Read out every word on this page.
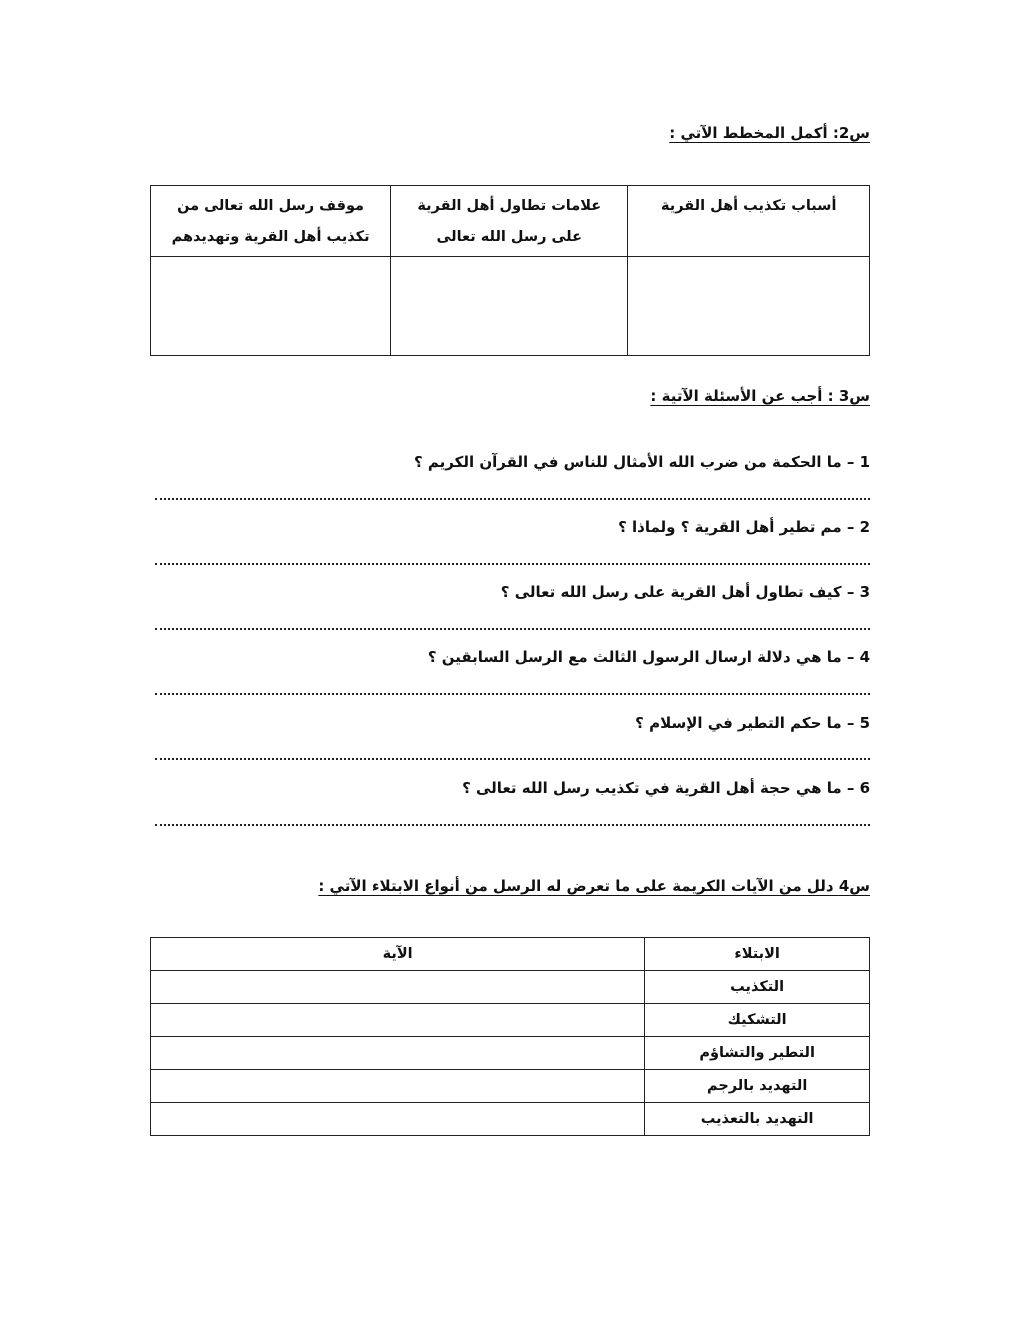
س2: أكمل المخطط الآتي :
أسباب تكذيب أهل القرية	علامات تطاول أهل القرية على رسل الله تعالى	موقف رسل الله تعالى من تكذيب أهل القرية وتهديدهم

س3 : أجب عن الأسئلة الآتية :
1 – ما الحكمة من ضرب الله الأمثال للناس في القرآن الكريم ؟
2 – مم تطير أهل القرية ؟ ولماذا ؟
3 – كيف تطاول أهل القرية على رسل الله تعالى ؟
4 – ما هي دلالة ارسال الرسول الثالث مع الرسل السابقين ؟
5 – ما حكم التطير في الإسلام ؟
6 – ما هي حجة أهل القرية في تكذيب رسل الله تعالى ؟
س4 دلل من الآيات الكريمة على ما تعرض له الرسل من أنواع الابتلاء الآتي :
الابتلاء	الآية
التكذيب	
التشكيك	
التطير والتشاؤم	
التهديد بالرجم	
التهديد بالتعذيب	
